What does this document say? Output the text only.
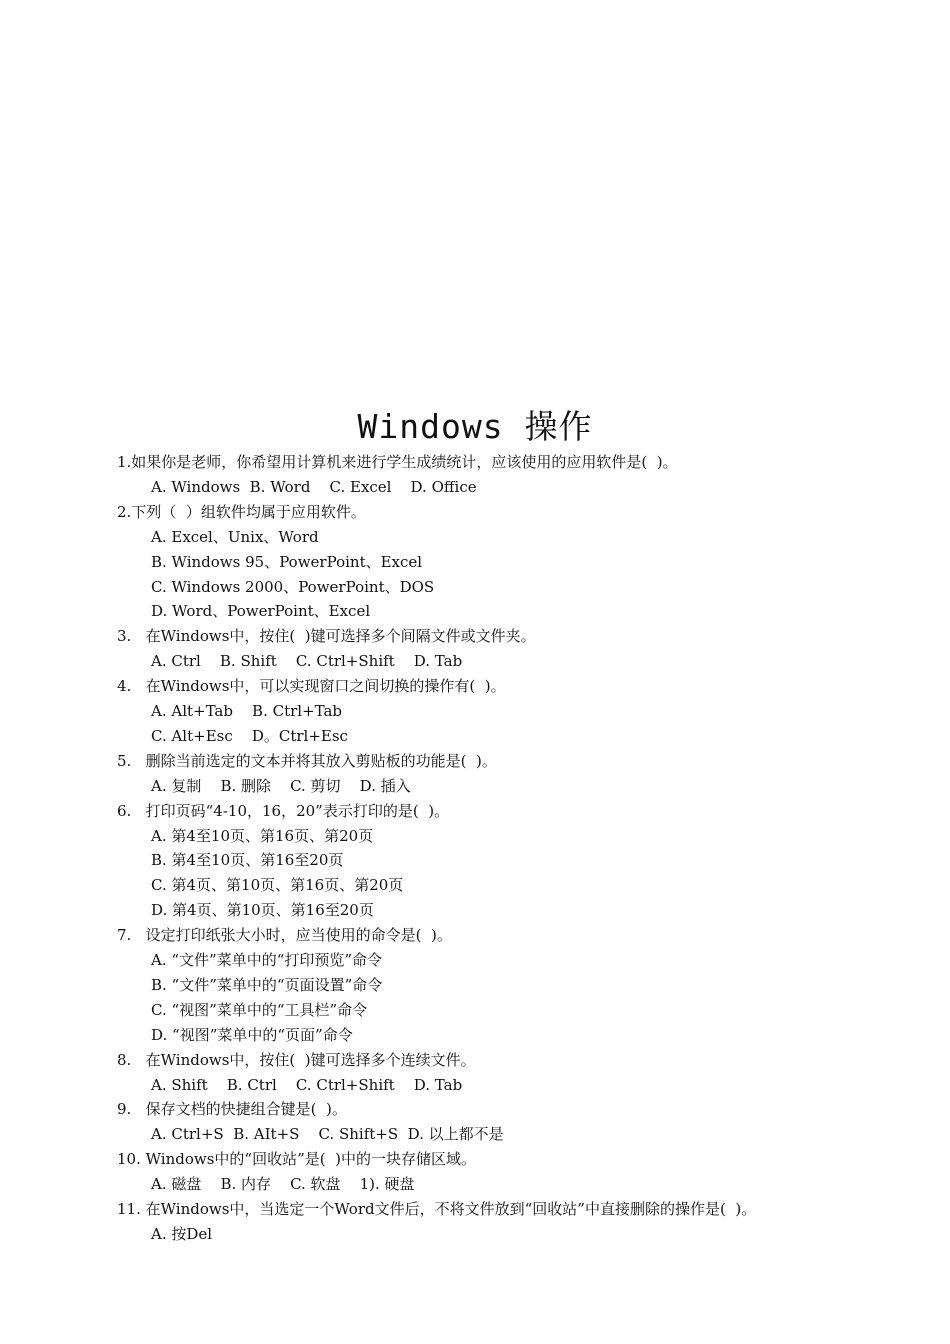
Windows 操作
1.如果你是老师，你希望用计算机来进行学生成绩统计，应该使用的应用软件是(  )。
A. Windows  B. Word    C. Excel    D. Office
2.下列（  ）组软件均属于应用软件。
A. Excel、Unix、Word
B. Windows 95、PowerPoint、Excel
C. Windows 2000、PowerPoint、DOS
D. Word、PowerPoint、Excel
3.   在Windows中，按住(  )键可选择多个间隔文件或文件夹。
A. Ctrl    B. Shift    C. Ctrl+Shift    D. Tab
4.   在Windows中，可以实现窗口之间切换的操作有(  )。
A. Alt+Tab    B. Ctrl+Tab
C. Alt+Esc    D。Ctrl+Esc
5.   删除当前选定的文本并将其放入剪贴板的功能是(  )。
A. 复制    B. 删除    C. 剪切    D. 插入
6.   打印页码“4-10，16，20”表示打印的是(  )。
A. 第4至10页、第16页、第20页
B. 第4至10页、第16至20页
C. 第4页、第10页、第16页、第20页
D. 第4页、第10页、第16至20页
7.   设定打印纸张大小时，应当使用的命令是(  )。
A. “文件”菜单中的“打印预览”命令
B. “文件”菜单中的“页面设置”命令
C. “视图”菜单中的“工具栏”命令
D. “视图”菜单中的“页面”命令
8.   在Windows中，按住(  )键可选择多个连续文件。
A. Shift    B. Ctrl    C. Ctrl+Shift    D. Tab
9.   保存文档的快捷组合键是(  )。
A. Ctrl+S  B. AIt+S    C. Shift+S  D. 以上都不是
10. Windows中的“回收站”是(  )中的一块存储区域。
A. 磁盘    B. 内存    C. 软盘    1). 硬盘
11. 在Windows中，当选定一个Word文件后，不将文件放到“回收站”中直接删除的操作是(  )。
A. 按Del
